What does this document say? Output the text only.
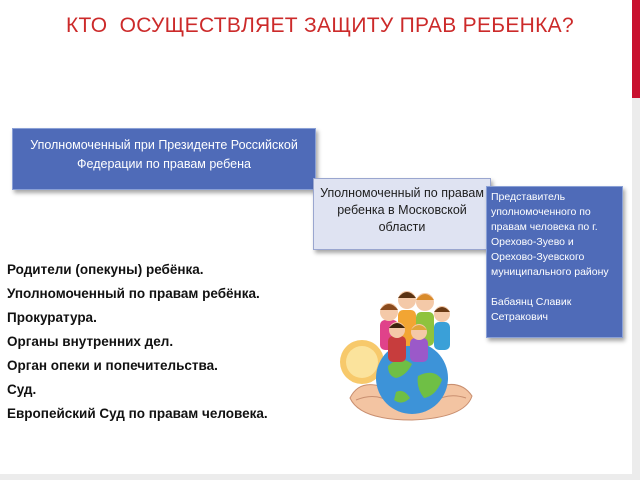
КТО  ОСУЩЕСТВЛЯЕТ ЗАЩИТУ ПРАВ РЕБЕНКА?
Уполномоченный при Президенте Российской Федерации по правам ребена
Уполномоченный по правам ребенка в Московской области
Представитель уполномоченного по правам человека по г. Орехово-Зуево и Орехово-Зуевского муниципального району
Бабаянц Славик Сетракович
Родители (опекуны) ребёнка.
Уполномоченный по правам ребёнка.
Прокуратура.
Органы внутренних дел.
Орган опеки и попечительства.
Суд.
Европейский Суд по правам человека.
